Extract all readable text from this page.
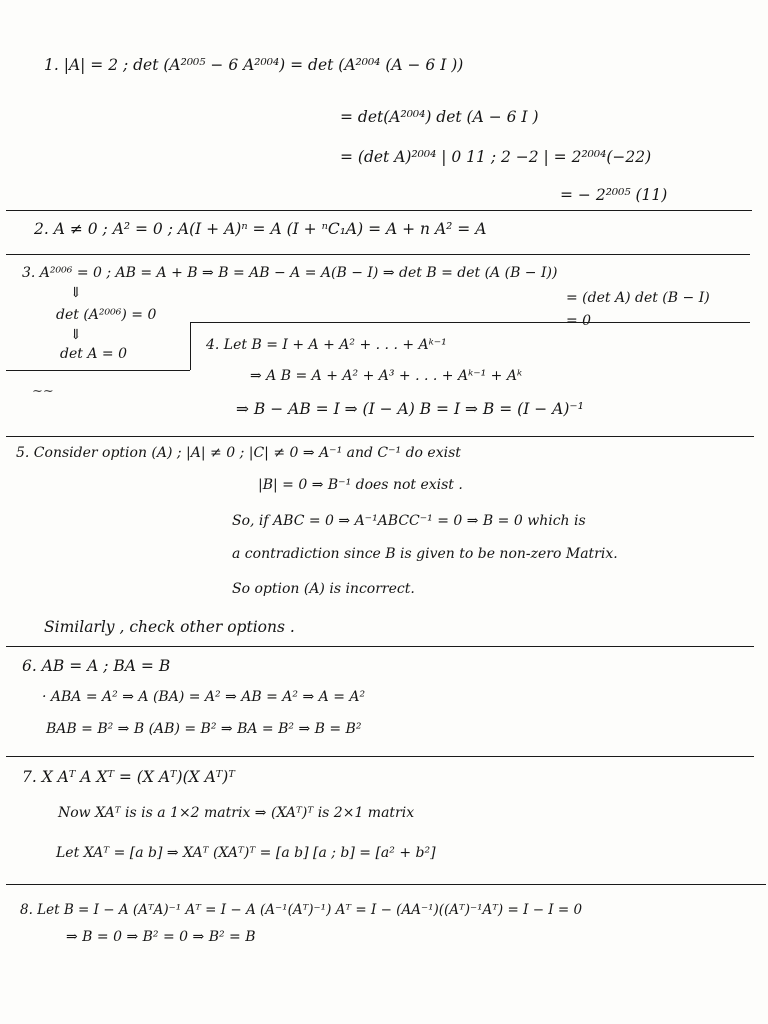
1. |A| = 2 ; det (A²⁰⁰⁵ − 6 A²⁰⁰⁴) = det (A²⁰⁰⁴ (A − 6 I ))
= det(A²⁰⁰⁴) det (A − 6 I )
= (det A)²⁰⁰⁴ | 0 11 ; 2 −2 | = 2²⁰⁰⁴(−22)
= − 2²⁰⁰⁵ (11)
2. A ≠ 0 ; A² = 0 ; A(I + A)ⁿ = A (I + ⁿC₁A) = A + n A² = A
3. A²⁰⁰⁶ = 0 ; AB = A + B ⇒ B = AB − A = A(B − I) ⇒ det B = det (A (B − I))
= (det A) det (B − I)
= 0
⇓
det (A²⁰⁰⁶) = 0
⇓
det A = 0
~~
4. Let B = I + A + A² + . . . + Aᵏ⁻¹
⇒ A B = A + A² + A³ + . . . + Aᵏ⁻¹ + Aᵏ
⇒ B − AB = I ⇒ (I − A) B = I ⇒ B = (I − A)⁻¹
5. Consider option (A) ; |A| ≠ 0 ; |C| ≠ 0 ⇒ A⁻¹ and C⁻¹ do exist
|B| = 0 ⇒ B⁻¹ does not exist .
So, if ABC = 0 ⇒ A⁻¹ABCC⁻¹ = 0 ⇒ B = 0 which is
a contradiction since B is given to be non-zero Matrix.
So option (A) is incorrect.
Similarly , check other options .
6. AB = A ; BA = B
· ABA = A² ⇒ A (BA) = A² ⇒ AB = A² ⇒ A = A²
BAB = B² ⇒ B (AB) = B² ⇒ BA = B² ⇒ B = B²
7. X Aᵀ A Xᵀ = (X Aᵀ)(X Aᵀ)ᵀ
Now XAᵀ is is a 1×2 matrix ⇒ (XAᵀ)ᵀ is 2×1 matrix
Let XAᵀ = [a b] ⇒ XAᵀ (XAᵀ)ᵀ = [a b] [a ; b] = [a² + b²]
8. Let B = I − A (AᵀA)⁻¹ Aᵀ = I − A (A⁻¹(Aᵀ)⁻¹) Aᵀ = I − (AA⁻¹)((Aᵀ)⁻¹Aᵀ) = I − I = 0
⇒ B = 0 ⇒ B² = 0 ⇒ B² = B
